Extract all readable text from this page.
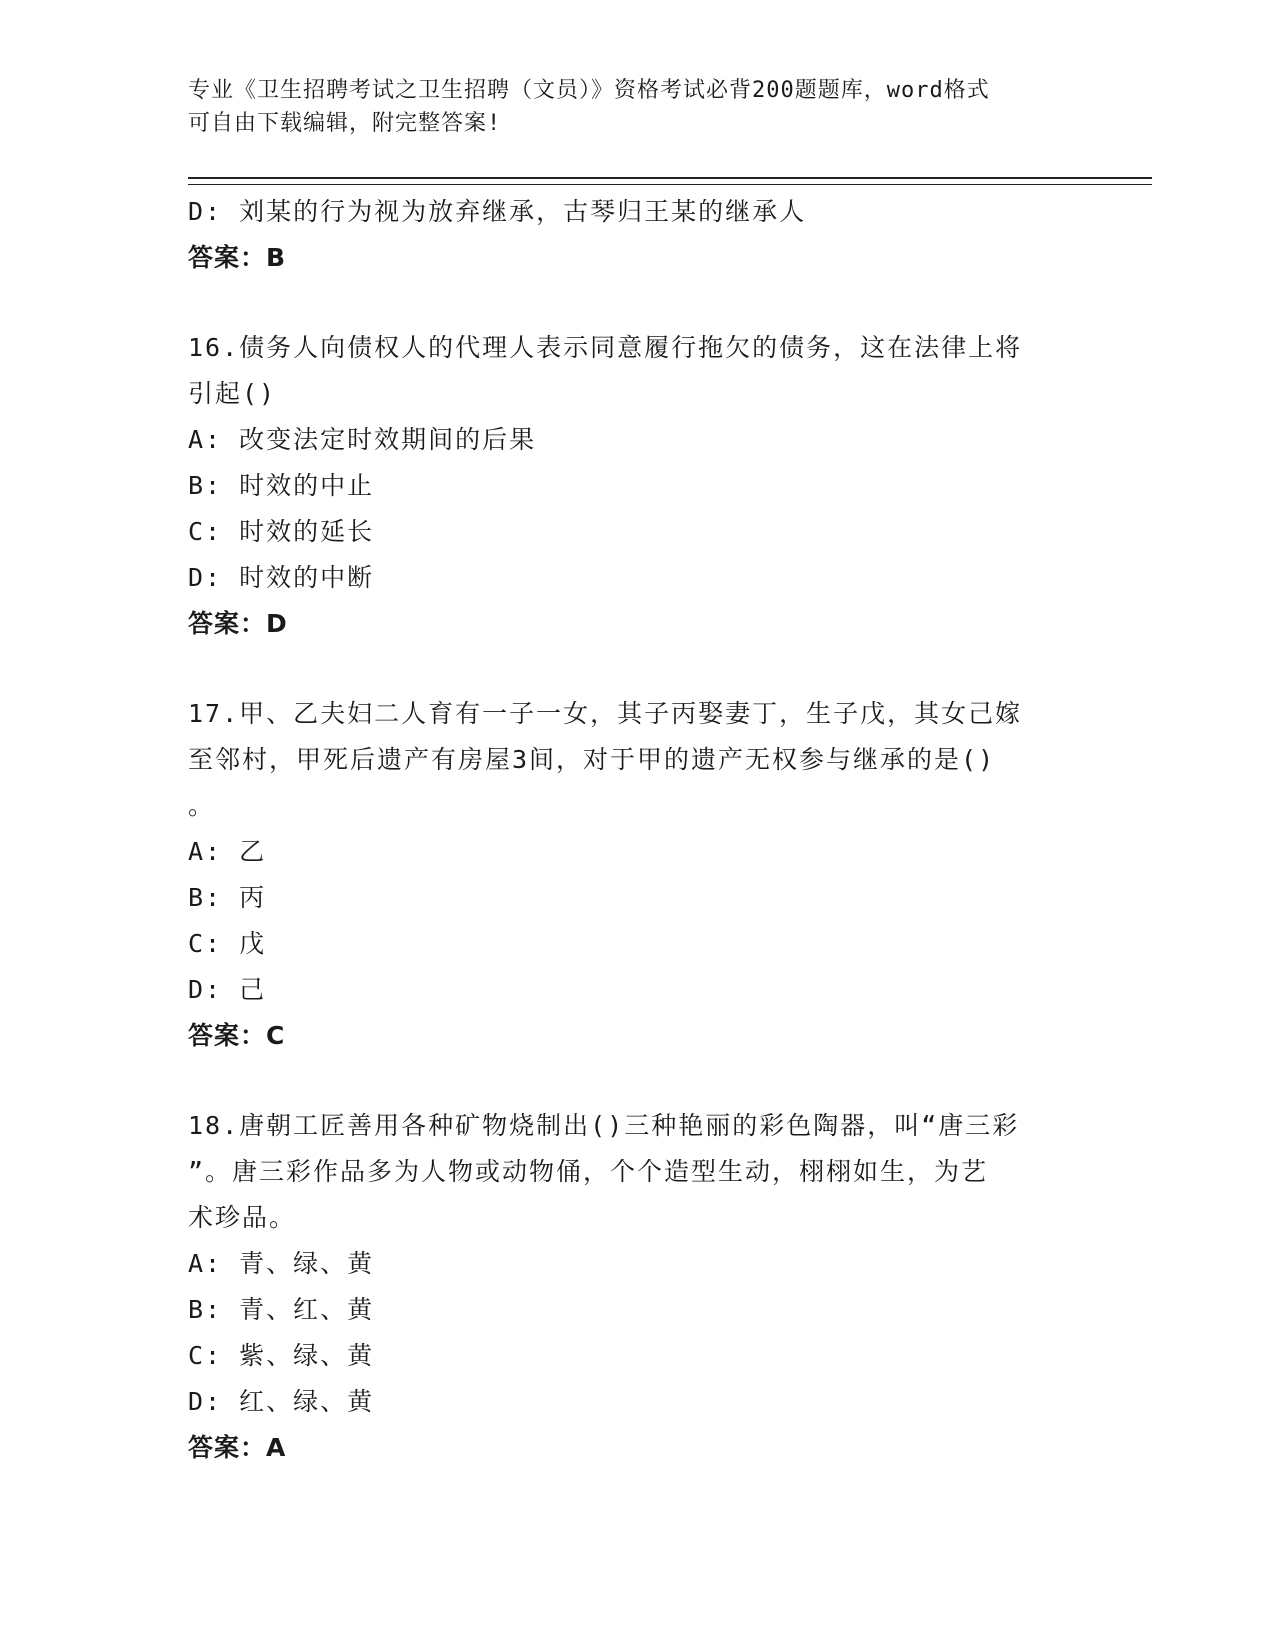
专业《卫生招聘考试之卫生招聘（文员）》资格考试必背200题题库，word格式
可自由下载编辑，附完整答案!
D: 刘某的行为视为放弃继承，古琴归王某的继承人
答案：B
16.债务人向债权人的代理人表示同意履行拖欠的债务，这在法律上将
引起()
A: 改变法定时效期间的后果
B: 时效的中止
C: 时效的延长
D: 时效的中断
答案：D
17.甲、乙夫妇二人育有一子一女，其子丙娶妻丁，生子戊，其女己嫁
至邻村，甲死后遗产有房屋3间，对于甲的遗产无权参与继承的是()
。
A: 乙
B: 丙
C: 戊
D: 己
答案：C
18.唐朝工匠善用各种矿物烧制出()三种艳丽的彩色陶器，叫“唐三彩
”。唐三彩作品多为人物或动物俑，个个造型生动，栩栩如生，为艺
术珍品。
A: 青、绿、黄
B: 青、红、黄
C: 紫、绿、黄
D: 红、绿、黄
答案：A
